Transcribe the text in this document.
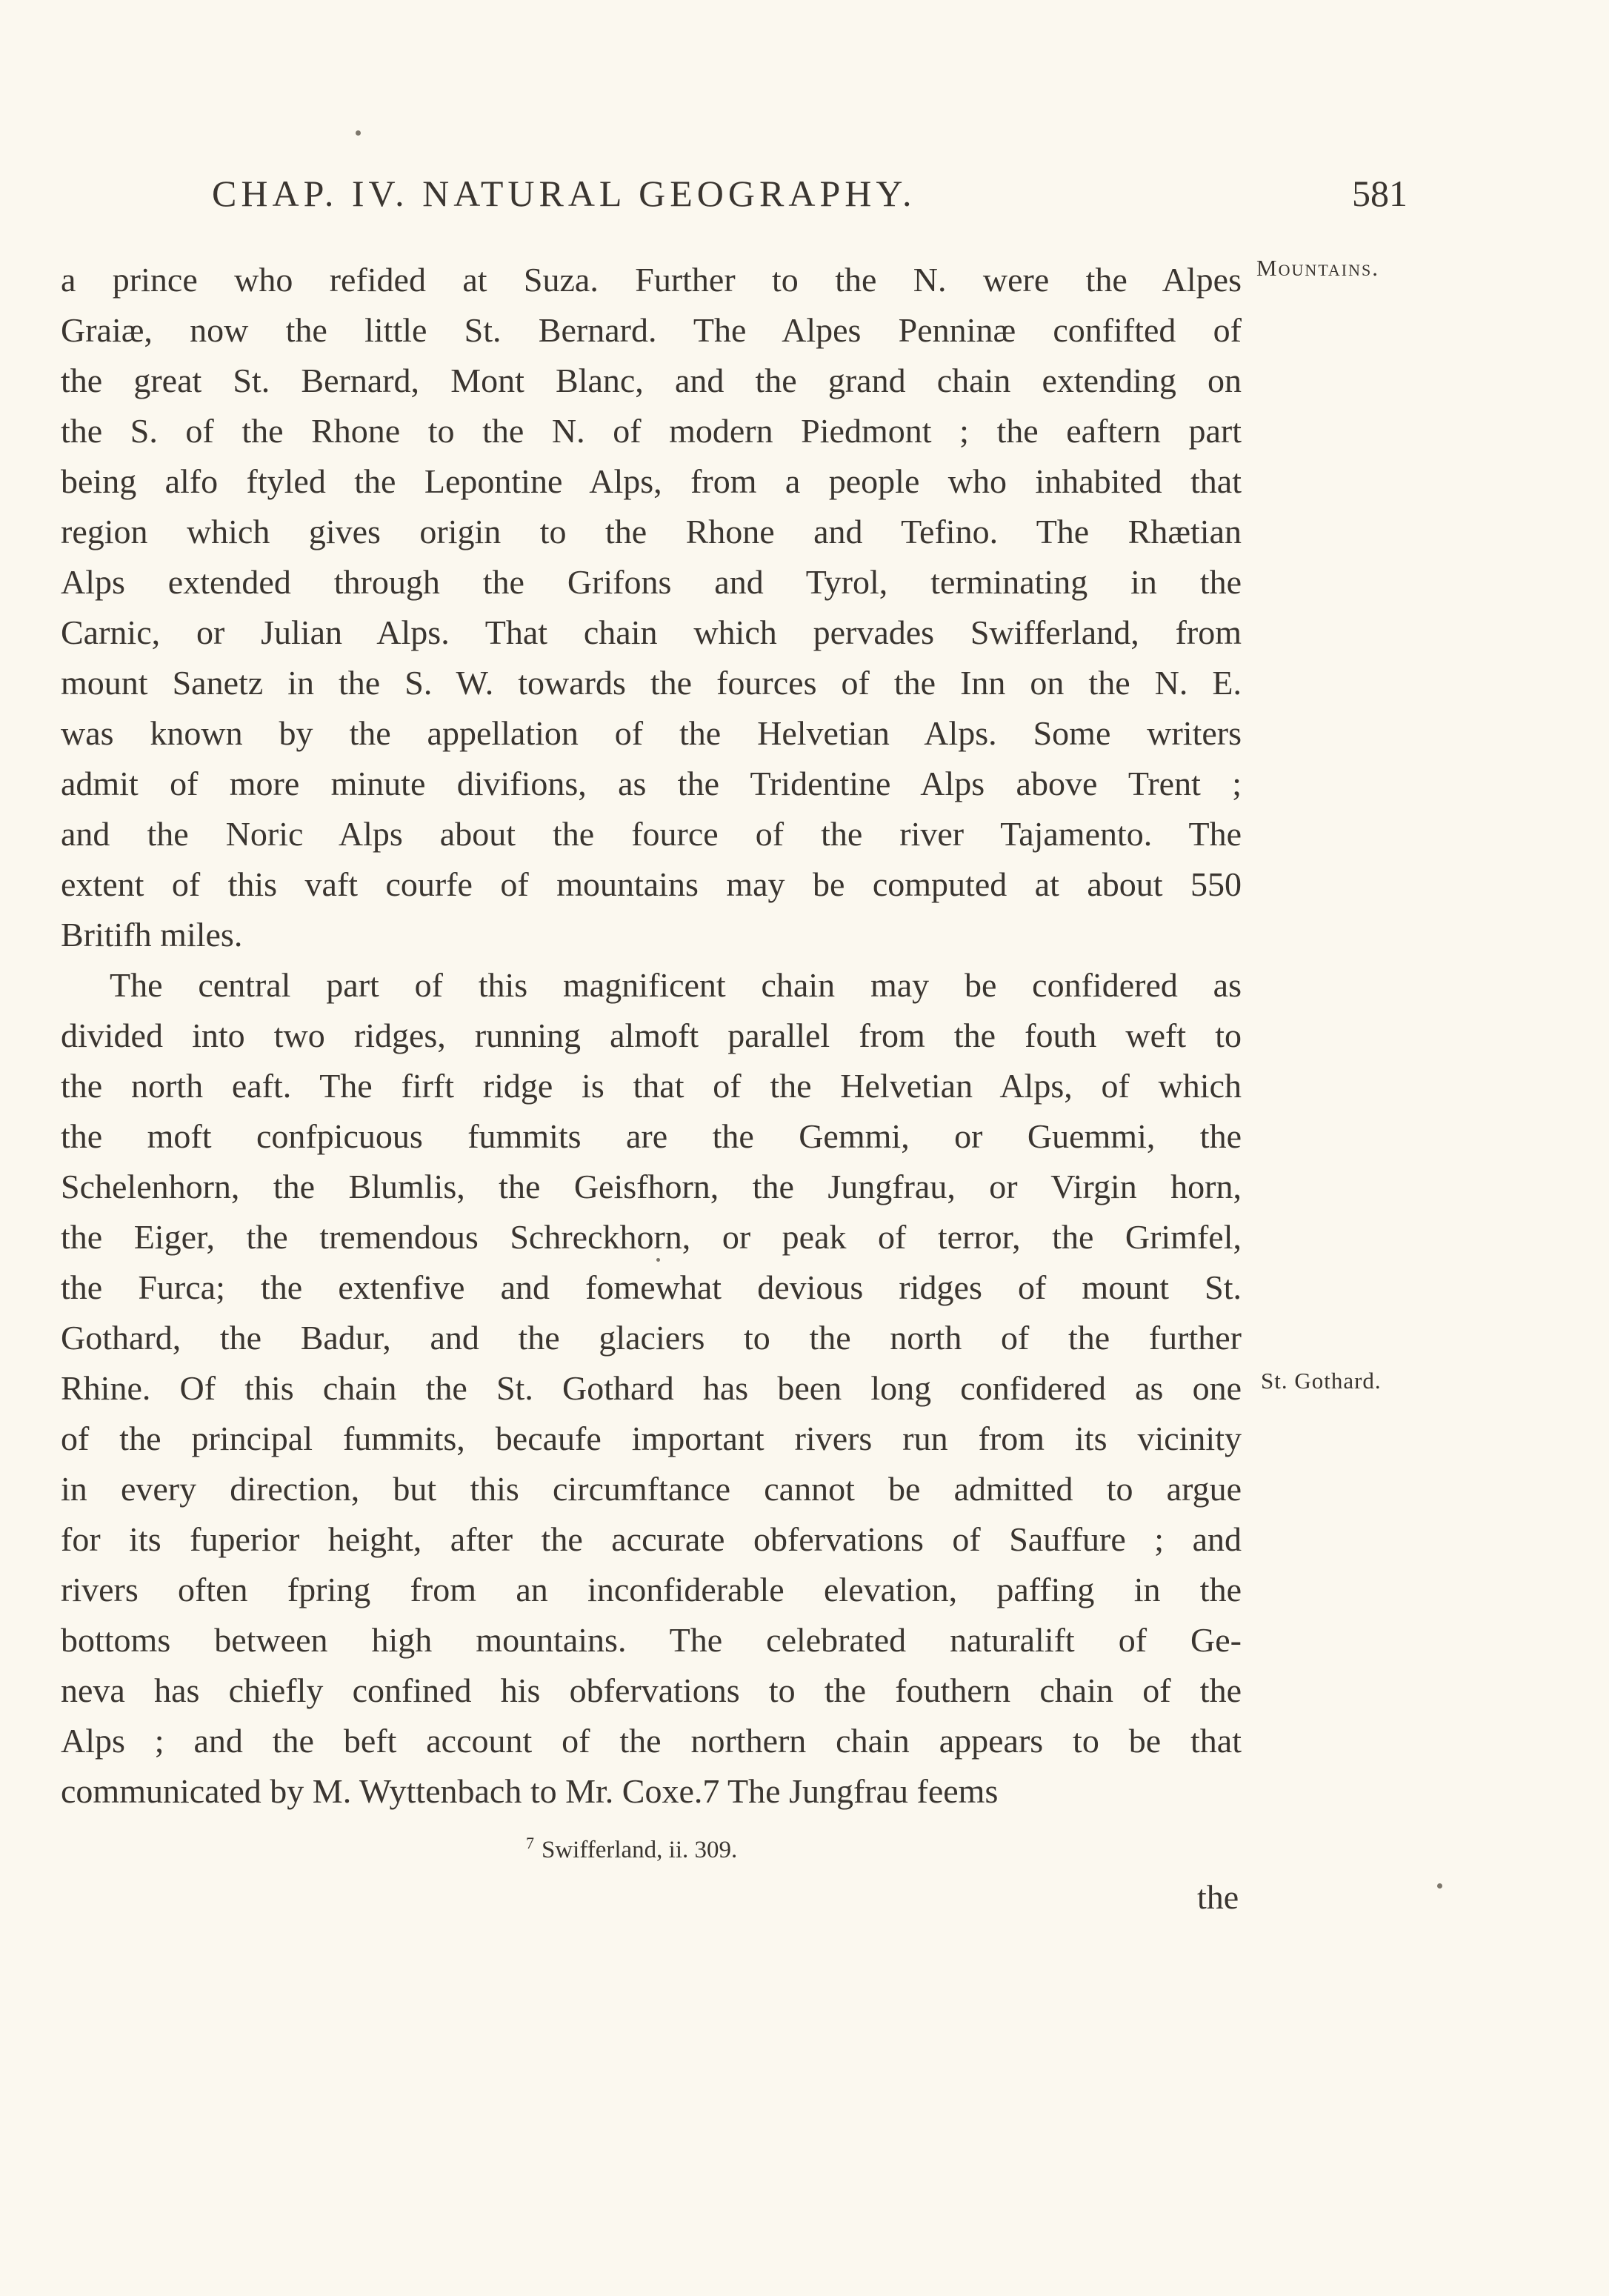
CHAP. IV. NATURAL GEOGRAPHY.	581
Mountains.
St. Gothard.
a prince who refided at Suza. Further to the N. were the Alpes
Graiæ, now the little St. Bernard. The Alpes Penninæ confifted of
the great St. Bernard, Mont Blanc, and the grand chain extending on
the S. of the Rhone to the N. of modern Piedmont ; the eaftern part
being alfo ftyled the Lepontine Alps, from a people who inhabited that
region which gives origin to the Rhone and Tefino. The Rhætian
Alps extended through the Grifons and Tyrol, terminating in the
Carnic, or Julian Alps. That chain which pervades Swifferland, from
mount Sanetz in the S. W. towards the fources of the Inn on the N. E.
was known by the appellation of the Helvetian Alps. Some writers
admit of more minute divifions, as the Tridentine Alps above Trent ;
and the Noric Alps about the fource of the river Tajamento. The
extent of this vaft courfe of mountains may be computed at about 550
Britifh miles.
The central part of this magnificent chain may be confidered as
divided into two ridges, running almoft parallel from the fouth weft to
the north eaft. The firft ridge is that of the Helvetian Alps, of which
the moft confpicuous fummits are the Gemmi, or Guemmi, the
Schelenhorn, the Blumlis, the Geisfhorn, the Jungfrau, or Virgin horn,
the Eiger, the tremendous Schreckhorn, or peak of terror, the Grimfel,
the Furca; the extenfive and fomewhat devious ridges of mount St.
Gothard, the Badur, and the glaciers to the north of the further
Rhine. Of this chain the St. Gothard has been long confidered as one
of the principal fummits, becaufe important rivers run from its vicinity
in every direction, but this circumftance cannot be admitted to argue
for its fuperior height, after the accurate obfervations of Sauffure ; and
rivers often fpring from an inconfiderable elevation, paffing in the
bottoms between high mountains. The celebrated naturalift of Ge-
neva has chiefly confined his obfervations to the fouthern chain of the
Alps ; and the beft account of the northern chain appears to be that
communicated by M. Wyttenbach to Mr. Coxe.7 The Jungfrau feems
$^7$ Swifferland, ii. 309.
the
